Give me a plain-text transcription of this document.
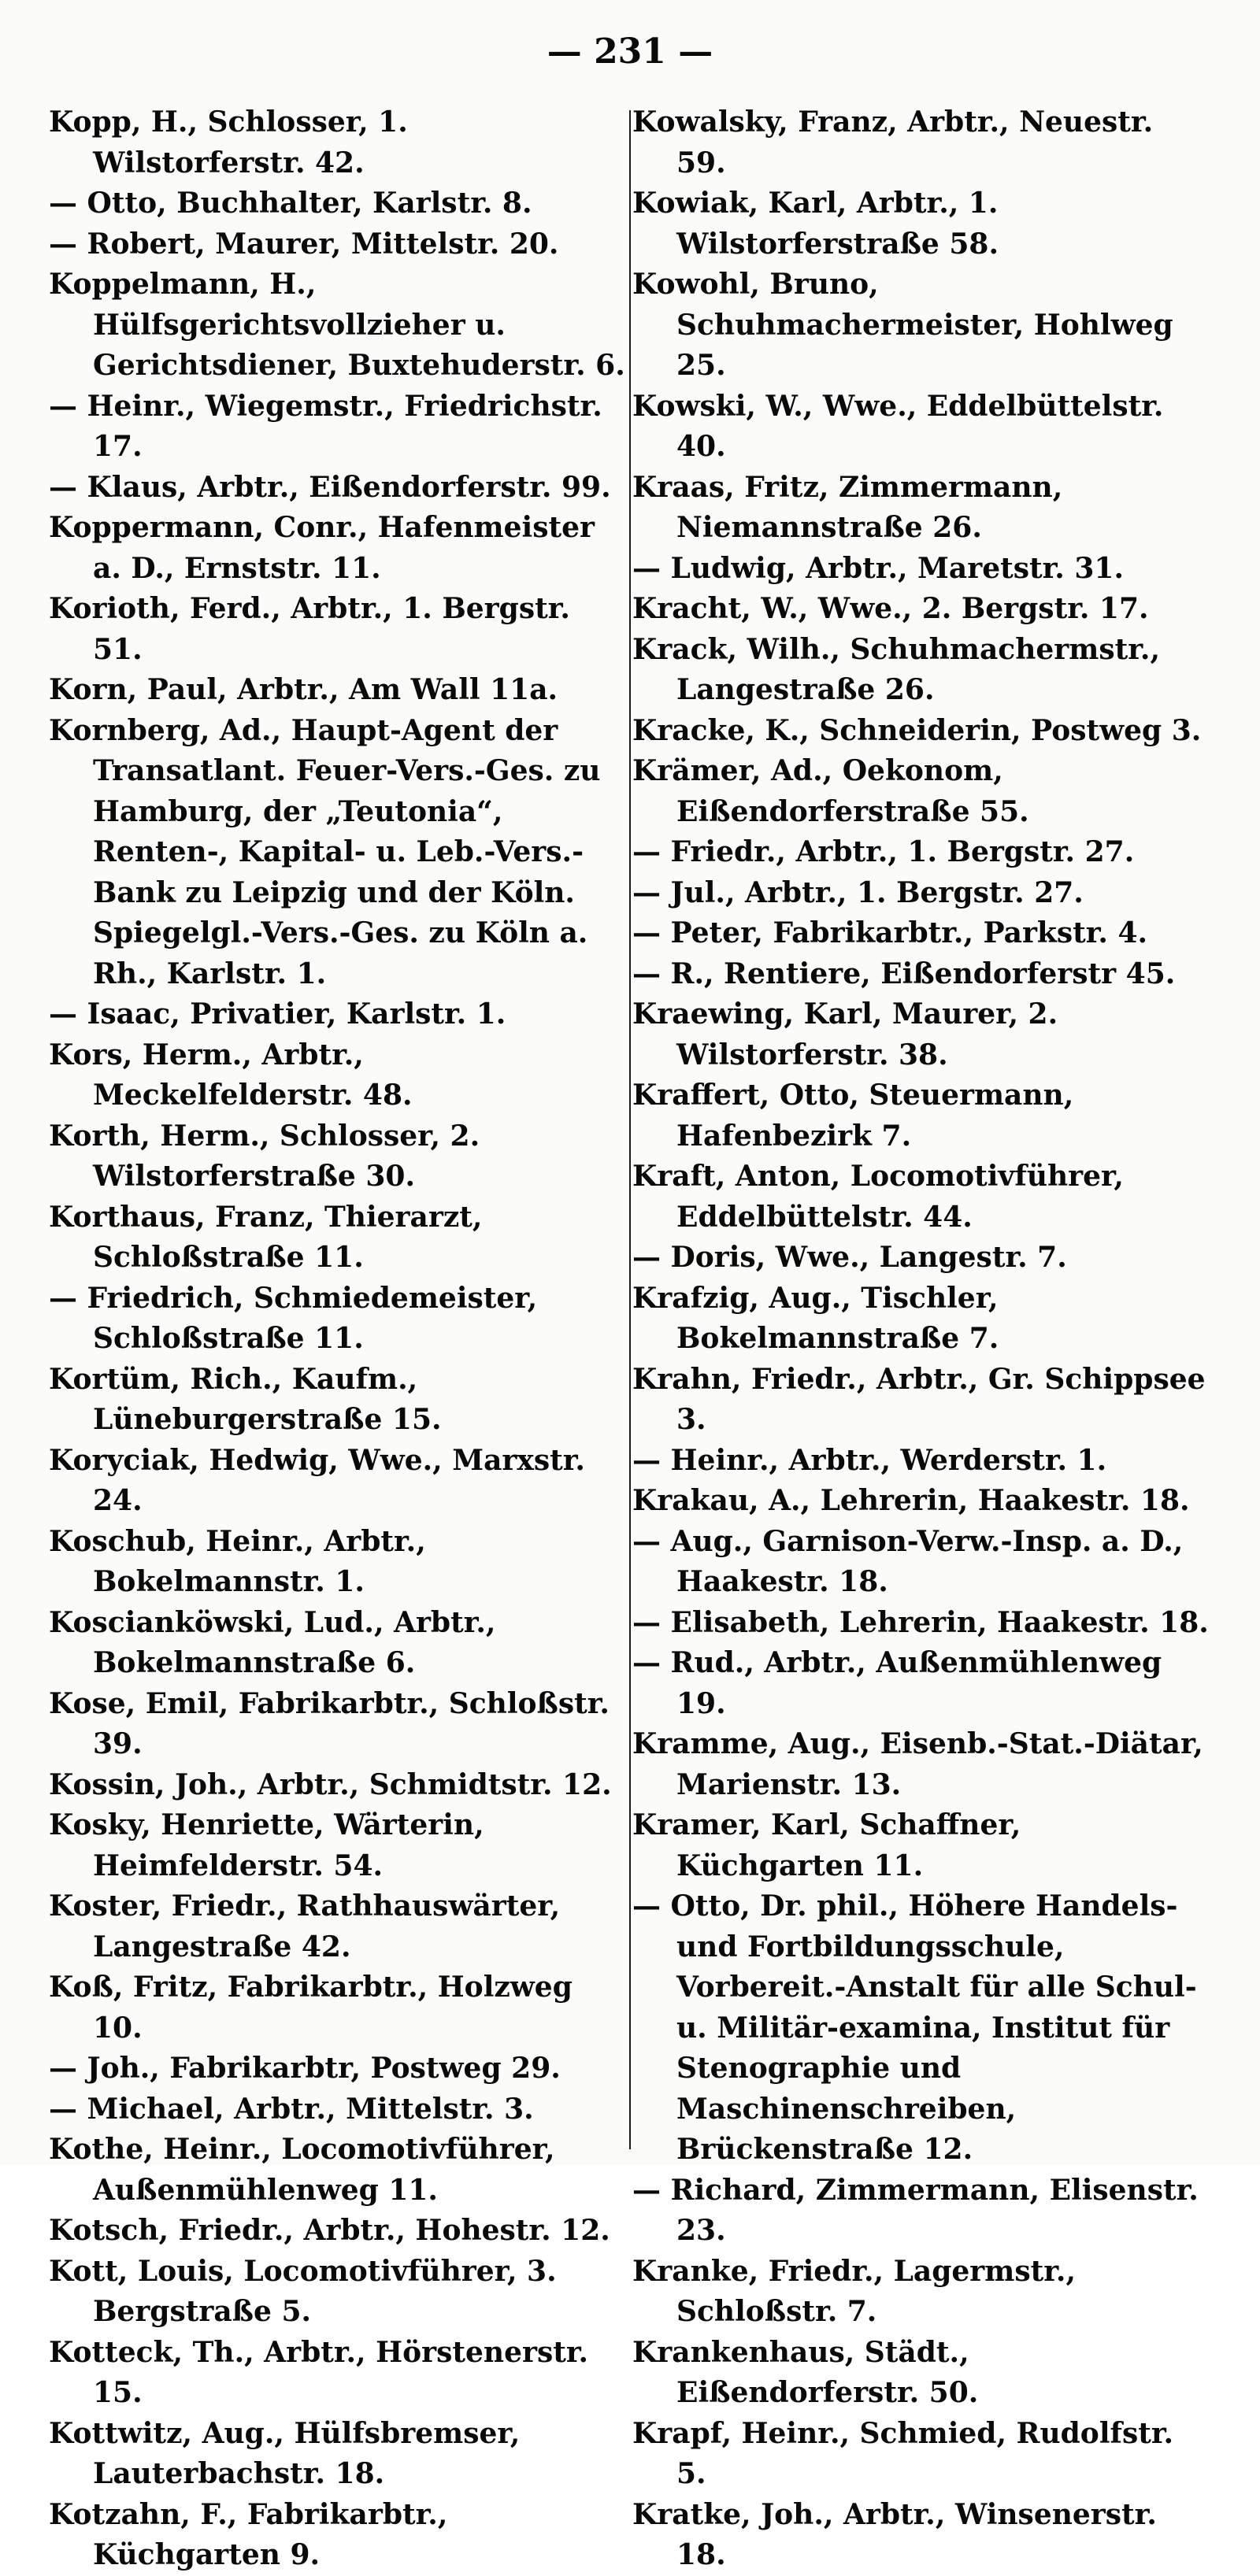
— 231 —

Kopp, H., Schlosser, 1. Wilstorferstr. 42.

— Otto, Buchhalter, Karlstr. 8.

— Robert, Maurer, Mittelstr. 20.

Koppelmann, H., Hülfsgerichtsvollzieher u. Gerichtsdiener, Buxtehuderstr. 6.

— Heinr., Wiegemstr., Friedrichstr. 17.

— Klaus, Arbtr., Eißendorferstr. 99.

Koppermann, Conr., Hafenmeister a. D., Ernststr. 11.

Korioth, Ferd., Arbtr., 1. Bergstr. 51.

Korn, Paul, Arbtr., Am Wall 11a.

Kornberg, Ad., Haupt-Agent der Transatlant. Feuer-Vers.-Ges. zu Hamburg, der „Teutonia“, Renten-, Kapital- u. Leb.-Vers.-Bank zu Leipzig und der Köln. Spiegelgl.-Vers.-Ges. zu Köln a. Rh., Karlstr. 1.

— Isaac, Privatier, Karlstr. 1.

Kors, Herm., Arbtr., Meckelfelderstr. 48.

Korth, Herm., Schlosser, 2. Wilstorferstraße 30.

Korthaus, Franz, Thierarzt, Schloßstraße 11.

— Friedrich, Schmiedemeister, Schloßstraße 11.

Kortüm, Rich., Kaufm., Lüneburgerstraße 15.

Koryciak, Hedwig, Wwe., Marxstr. 24.

Koschub, Heinr., Arbtr., Bokelmannstr. 1.

Koscianköwski, Lud., Arbtr., Bokelmannstraße 6.

Kose, Emil, Fabrikarbtr., Schloßstr. 39.

Kossin, Joh., Arbtr., Schmidtstr. 12.

Kosky, Henriette, Wärterin, Heimfelderstr. 54.

Koster, Friedr., Rathhauswärter, Langestraße 42.

Koß, Fritz, Fabrikarbtr., Holzweg 10.

— Joh., Fabrikarbtr, Postweg 29.

— Michael, Arbtr., Mittelstr. 3.

Kothe, Heinr., Locomotivführer, Außenmühlenweg 11.

Kotsch, Friedr., Arbtr., Hohestr. 12.

Kott, Louis, Locomotivführer, 3. Bergstraße 5.

Kotteck, Th., Arbtr., Hörstenerstr. 15.

Kottwitz, Aug., Hülfsbremser, Lauterbachstr. 18.

Kotzahn, F., Fabrikarbtr., Küchgarten 9.

Kowalsky, Franz, Arbtr., Neuestr. 59.

Kowiak, Karl, Arbtr., 1. Wilstorferstraße 58.

Kowohl, Bruno, Schuhmachermeister, Hohlweg 25.

Kowski, W., Wwe., Eddelbüttelstr. 40.

Kraas, Fritz, Zimmermann, Niemannstraße 26.

— Ludwig, Arbtr., Maretstr. 31.

Kracht, W., Wwe., 2. Bergstr. 17.

Krack, Wilh., Schuhmachermstr., Langestraße 26.

Kracke, K., Schneiderin, Postweg 3.

Krämer, Ad., Oekonom, Eißendorferstraße 55.

— Friedr., Arbtr., 1. Bergstr. 27.

— Jul., Arbtr., 1. Bergstr. 27.

— Peter, Fabrikarbtr., Parkstr. 4.

— R., Rentiere, Eißendorferstr 45.

Kraewing, Karl, Maurer, 2. Wilstorferstr. 38.

Kraffert, Otto, Steuermann, Hafenbezirk 7.

Kraft, Anton, Locomotivführer, Eddelbüttelstr. 44.

— Doris, Wwe., Langestr. 7.

Krafzig, Aug., Tischler, Bokelmannstraße 7.

Krahn, Friedr., Arbtr., Gr. Schippsee 3.

— Heinr., Arbtr., Werderstr. 1.

Krakau, A., Lehrerin, Haakestr. 18.

— Aug., Garnison-Verw.-Insp. a. D., Haakestr. 18.

— Elisabeth, Lehrerin, Haakestr. 18.

— Rud., Arbtr., Außenmühlenweg 19.

Kramme, Aug., Eisenb.-Stat.-Diätar, Marienstr. 13.

Kramer, Karl, Schaffner, Küchgarten 11.

— Otto, Dr. phil., Höhere Handels- und Fortbildungsschule, Vorbereit.-Anstalt für alle Schul- u. Militär-examina, Institut für Stenographie und Maschinenschreiben, Brückenstraße 12.

— Richard, Zimmermann, Elisenstr. 23.

Kranke, Friedr., Lagermstr., Schloßstr. 7.

Krankenhaus, Städt., Eißendorferstr. 50.

Krapf, Heinr., Schmied, Rudolfstr. 5.

Kratke, Joh., Arbtr., Winsenerstr. 18.
